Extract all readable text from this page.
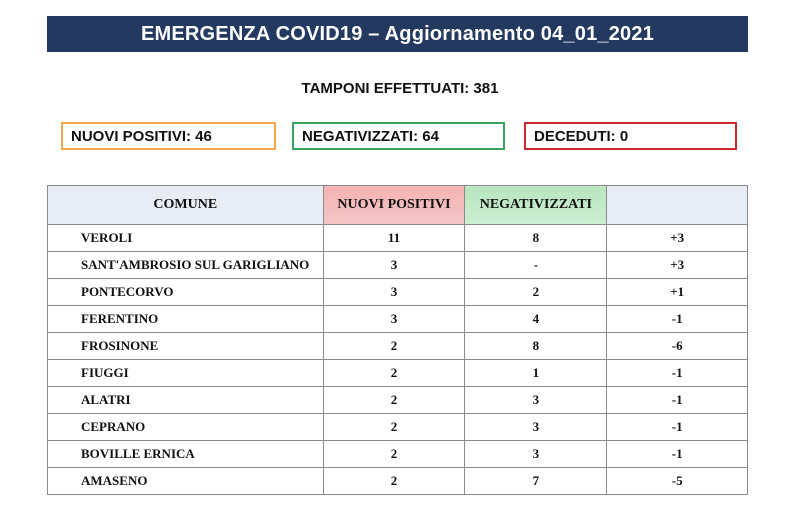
EMERGENZA COVID19 – Aggiornamento 04_01_2021
TAMPONI EFFETTUATI: 381
NUOVI POSITIVI: 46	NEGATIVIZZATI: 64	DECEDUTI: 0
COMUNE	NUOVI POSITIVI	NEGATIVIZZATI	
VEROLI	11	8	+3
SANT'AMBROSIO SUL GARIGLIANO	3	-	+3
PONTECORVO	3	2	+1
FERENTINO	3	4	-1
FROSINONE	2	8	-6
FIUGGI	2	1	-1
ALATRI	2	3	-1
CEPRANO	2	3	-1
BOVILLE ERNICA	2	3	-1
AMASENO	2	7	-5
